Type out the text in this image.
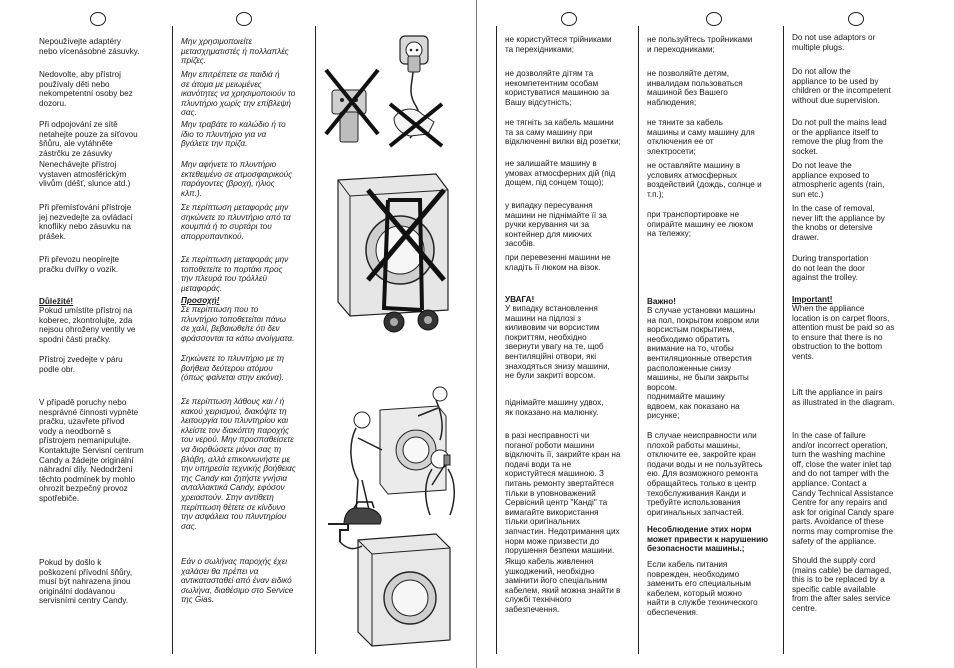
Nepoužívejte adaptéry
nebo vícenásobné zásuvky.
Nedovolte, aby přístroj
používaly děti nebo
nekompetentní osoby bez
dozoru.
Při odpojování ze sítě
netahejte pouze za síťovou
šňůru, ale vytáhněte
zástrčku ze zásuvky
Nenechávejte přístroj
vystaven atmosférickým
vlivům (déšť, slunce atd.)
Při přemísťování přístroje
jej nezvedejte za ovládací
knoflíky nebo zásuvku na
prášek.
Při převozu neopírejte
pračku dvířky o vozík.
Důležité!
Pokud umístíte přístroj na
koberec, zkontrolujte, zda
nejsou ohroženy ventily ve
spodní části pračky.
Přístroj zvedejte v páru
podle obr.
V případě poruchy nebo
nesprávné činnosti vypněte
pračku, uzavřete přívod
vody a neodborně s
přístrojem nemanipulujte.
Kontaktujte Servisní centrum
Candy a žádejte originální
náhradní díly. Nedodržení
těchto podmínek by mohlo
ohrozit bezpečný provoz
spotřebiče.
Pokud by došlo k
poškození přívodní šňůry,
musí být nahrazena jinou
originální dodávanou
servisními centry Candy.
Μην χρησιμοποιείτε
μετασχηματιστές ή πολλαπλές
πρίζες.
Μην επιτρέπετε σε παιδιά ή
σε άτομα με μειωμένες
ικανότητες να χρησιμοποιούν το
πλυντήριο χωρίς την επίβλεψή
σας.
Μην τραβάτε το καλώδιο ή το
ίδιο το πλυντήριο για να
βγάλετε την πρίζα.
Μην αφήνετε το πλυντήριο
εκτεθειμένο σε ατμοσφαιρικούς
παράγοντες (βροχή, ήλιος
κλπ.).
Σε περίπτωση μεταφοράς μην
σηκώνετε το πλυντήριο από τα
κουμπιά ή το συρτάρι του
απορρυπαντικού.
Σε περίπτωση μεταφοράς μην
τοποθετείτε το πορτάκι προς
την πλευρά του τρόλλεϋ
μεταφοράς.
Προσοχή!
Σε περίπτωση που το
πλυντήριο τοποθετείται πάνω
σε χαλί, βεβαιωθείτε ότι δεν
φράσσονται τα κάτω ανοίγματα.
Σηκώνετε το πλυντήριο με τη
βοήθεια δεύτερου ατόμου
(όπως φαίνεται στην εικόνα).
Σε περίπτωση λάθους και / ή
κακού χειρισμού, διακόψτε τη
λειτουργία του πλυντηρίου και
κλείστε τον διακόπτη παροχής
του νερού. Μην προσπαθείσετε
να διορθώσετε μόνοι σας τη
βλάβη, αλλά επικοινωνήστε με
την υπηρεσία τεχνικής βοήθειας
της Candy και ζητήστε γνήσια
ανταλλακτικά Candy, εφόσον
χρειαστούν. Στην αντίθετη
περίπτωση θέτετε σε κίνδυνο
την ασφάλεια του πλυντηρίου
σας.
Εάν ο σωλήνας παροχής έχει
χαλάσει θα πρέπει να
αντικατασταθεί από έναν ειδικό
σωλήνα, διαθέσιμο στο Service
της Gias.
не користуйтеся трійниками
та перехідниками;
не дозволяйте дітям та
некомпетентним особам
користуватися машиною за
Вашу відсутність;
не тягніть за кабель машини
та за саму машину при
відключенні вилки від розетки;
не залишайте машину в
умовах атмосферних дій (під
дощем, під сонцем тощо);
у випадку пересування
машини не піднімайте її за
ручки керування чи за
контейнер для миючих
засобів.
при перевезенні машини не
кладіть її люком на візок.
УВАГА!
У випадку встановлення
машини на підлозі з
киливовим чи ворсистим
покриттям, необхідно
звернути увагу на те, щоб
вентиляційні отвори, які
знаходяться знизу машини,
не були закриті ворсом.
піднімайте машину удвох,
як показано на малюнку.
в разі несправності чи
поганої роботи машини
відключіть її, закрийте кран на
подачі води та не
користуйтеся машиною. З
питань ремонту звертайтеся
тільки в уповноважений
Сервісний центр "Канді" та
вимагайте використання
тільки оригінальних
запчастин. Недотримання цих
норм може призвести до
порушення безпеки машини.
Якщо кабель живлення
ушкоджений, необхідно
замінити його спеціальним
кабелем, який можна знайти в
службі технічного
забезпечення.
не пользуйтесь тройниками
и переходниками;
не позволяйте детям,
инвалидам пользоваться
машиной без Вашего
наблюдения;
не тяните за кабель
машины и саму машину для
отключения ее от
электросети;
не оставляйте машину в
условиях атмосферных
воздействий (дождь, солнце и
т.п.);
при транспортировке не
опирайте машину ее люком
на тележку;
Важно!
В случае установки машины
на пол, покрытом ковром или
ворсистым покрытием,
необходимо обратить
внимание на то, чтобы
вентиляционные отверстия
расположенные снизу
машины, не были закрыты
ворсом.
поднимайте машину
вдвоем, как показано на
рисунке;
В случае неисправности или
плохой работы машины,
отключите ее, закройте кран
подачи воды и не пользуйтесь
ею. Для возможного ремонта
обращайтесь только в центр
техобслуживания Канди и
требуйте использования
оригинальных запчастей.
Несоблюдение этих норм
может привести к нарушению
безопасности машины.;
Если кабель питания
поврежден, необходимо
заменить его специальным
кабелем, который можно
найти в службе технического
обеспечения.
Do not use adaptors or
multiple plugs.
Do not allow the
appliance to be used by
children or the incompetent
without due supervision.
Do not pull the mains lead
or the appliance itself to
remove the plug from the
socket.
Do not leave the
appliance exposed to
atmospheric agents (rain,
sun etc.)
In the case of removal,
never lift the appliance by
the knobs or detersive
drawer.
During transportation
do not lean the door
against the trolley.
Important!
When the appliance
location is on carpet floors,
attention must be paid so as
to ensure that there is no
obstruction to the bottom
vents.
Lift the appliance in pairs
as illustrated in the diagram.
In the case of failure
and/or incorrect operation,
turn the washing machine
off, close the water inlet tap
and do not tamper with the
appliance. Contact a
Candy Technical Assistance
Centre for any repairs and
ask for original Candy spare
parts. Avoidance of these
norms may compromise the
safety of the appliance.
Should the supply cord
(mains cable) be damaged,
this is to be replaced by a
specific cable available
from the after sales service
centre.
